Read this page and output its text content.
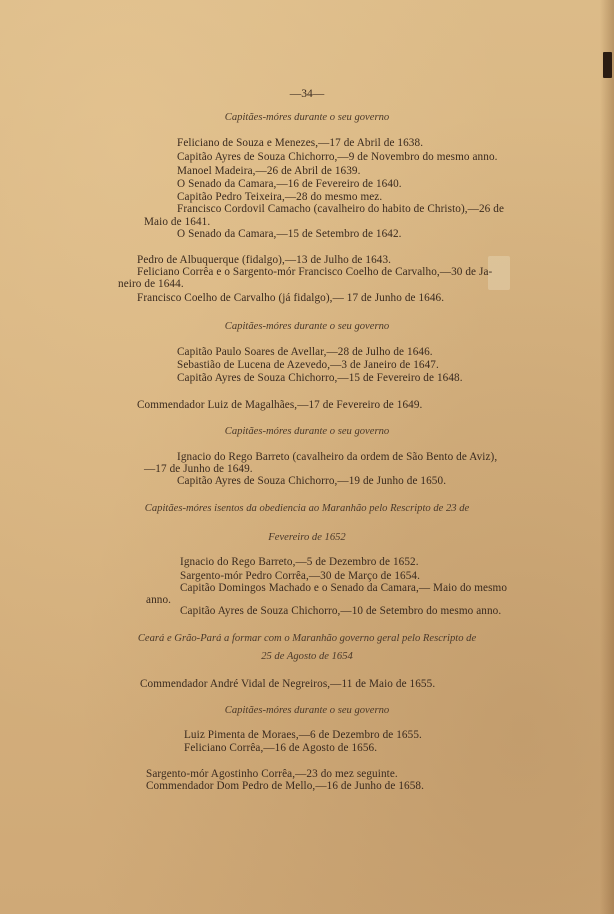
—34—
Capitães-móres durante o seu governo
Feliciano de Souza e Menezes,—17 de Abril de 1638.
Capitão Ayres de Souza Chichorro,—9 de Novembro do mesmo anno.
Manoel Madeira,—26 de Abril de 1639.
O Senado da Camara,—16 de Fevereiro de 1640.
Capitão Pedro Teixeira,—28 do mesmo mez.
Francisco Cordovil Camacho (cavalheiro do habito de Christo),—26 de
Maio de 1641.
O Senado da Camara,—15 de Setembro de 1642.
Pedro de Albuquerque (fidalgo),—13 de Julho de 1643.
Feliciano Corrêa e o Sargento-mór Francisco Coelho de Carvalho,—30 de Ja-
neiro de 1644.
Francisco Coelho de Carvalho (já fidalgo),— 17 de Junho de 1646.
Capitães-móres durante o seu governo
Capitão Paulo Soares de Avellar,—28 de Julho de 1646.
Sebastião de Lucena de Azevedo,—3 de Janeiro de 1647.
Capitão Ayres de Souza Chichorro,—15 de Fevereiro de 1648.
Commendador Luiz de Magalhães,—17 de Fevereiro de 1649.
Capitães-móres durante o seu governo
Ignacio do Rego Barreto (cavalheiro da ordem de São Bento de Aviz),
—17 de Junho de 1649.
Capitão Ayres de Souza Chichorro,—19 de Junho de 1650.
Capitães-móres isentos da obediencia ao Maranhão pelo Rescripto de 23 de
Fevereiro de 1652
Ignacio do Rego Barreto,—5 de Dezembro de 1652.
Sargento-mór Pedro Corrêa,—30 de Março de 1654.
Capitão Domingos Machado e o Senado da Camara,— Maio do mesmo
anno.
Capitão Ayres de Souza Chichorro,—10 de Setembro do mesmo anno.
Ceará e Grão-Pará a formar com o Maranhão governo geral pelo Rescripto de
25 de Agosto de 1654
Commendador André Vidal de Negreiros,—11 de Maio de 1655.
Capitães-móres durante o seu governo
Luiz Pimenta de Moraes,—6 de Dezembro de 1655.
Feliciano Corrêa,—16 de Agosto de 1656.
Sargento-mór Agostinho Corrêa,—23 do mez seguinte.
Commendador Dom Pedro de Mello,—16 de Junho de 1658.
